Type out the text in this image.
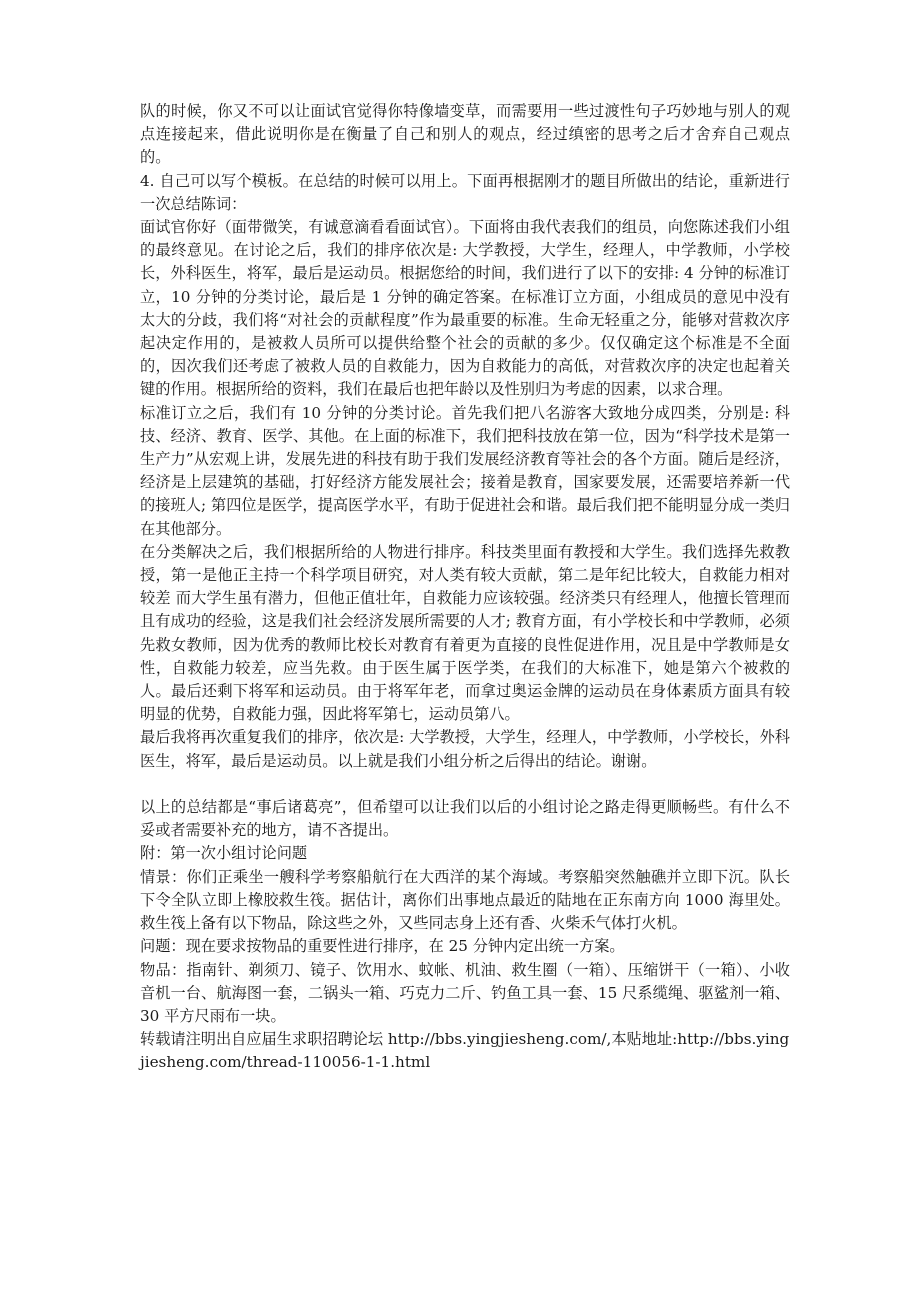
队的时候，你又不可以让面试官觉得你特像墙变草，而需要用一些过渡性句子巧妙地与别人的观点连接起来，借此说明你是在衡量了自己和别人的观点，经过缜密的思考之后才舍弃自己观点的。

4. 自己可以写个模板。在总结的时候可以用上。下面再根据刚才的题目所做出的结论，重新进行一次总结陈词：

面试官你好（面带微笑，有诚意滴看看面试官）。下面将由我代表我们的组员，向您陈述我们小组的最终意见。在讨论之后，我们的排序依次是: 大学教授，大学生，经理人，中学教师，小学校长，外科医生，将军，最后是运动员。根据您给的时间，我们进行了以下的安排: 4 分钟的标准订立，10 分钟的分类讨论，最后是 1 分钟的确定答案。在标准订立方面，小组成员的意见中没有太大的分歧，我们将“对社会的贡献程度”作为最重要的标准。生命无轻重之分，能够对营救次序起决定作用的，是被救人员所可以提供给整个社会的贡献的多少。仅仅确定这个标准是不全面的，因次我们还考虑了被救人员的自救能力，因为自救能力的高低，对营救次序的决定也起着关键的作用。根据所给的资料，我们在最后也把年龄以及性别归为考虑的因素，以求合理。

标准订立之后，我们有 10 分钟的分类讨论。首先我们把八名游客大致地分成四类，分别是: 科技、经济、教育、医学、其他。在上面的标准下，我们把科技放在第一位，因为“科学技术是第一生产力”从宏观上讲，发展先进的科技有助于我们发展经济教育等社会的各个方面。随后是经济，经济是上层建筑的基础，打好经济方能发展社会；接着是教育，国家要发展，还需要培养新一代的接班人; 第四位是医学，提高医学水平，有助于促进社会和谐。最后我们把不能明显分成一类归在其他部分。

在分类解决之后，我们根据所给的人物进行排序。科技类里面有教授和大学生。我们选择先救教授，第一是他正主持一个科学项目研究，对人类有较大贡献，第二是年纪比较大，自救能力相对较差 而大学生虽有潜力，但他正值壮年，自救能力应该较强。经济类只有经理人，他擅长管理而且有成功的经验，这是我们社会经济发展所需要的人才; 教育方面，有小学校长和中学教师，必须先救女教师，因为优秀的教师比校长对教育有着更为直接的良性促进作用，况且是中学教师是女性，自救能力较差，应当先救。由于医生属于医学类，在我们的大标准下，她是第六个被救的人。最后还剩下将军和运动员。由于将军年老，而拿过奥运金牌的运动员在身体素质方面具有较明显的优势，自救能力强，因此将军第七，运动员第八。

最后我将再次重复我们的排序，依次是: 大学教授，大学生，经理人，中学教师，小学校长，外科医生，将军，最后是运动员。以上就是我们小组分析之后得出的结论。谢谢。

以上的总结都是“事后诸葛亮”，但希望可以让我们以后的小组讨论之路走得更顺畅些。有什么不妥或者需要补充的地方，请不吝提出。

附：第一次小组讨论问题

情景：你们正乘坐一艘科学考察船航行在大西洋的某个海域。考察船突然触礁并立即下沉。队长下令全队立即上橡胶救生筏。据估计，离你们出事地点最近的陆地在正东南方向 1000 海里处。救生筏上备有以下物品，除这些之外，又些同志身上还有香、火柴禾气体打火机。

问题：现在要求按物品的重要性进行排序，在 25 分钟内定出统一方案。

物品：指南针、剃须刀、镜子、饮用水、蚊帐、机油、救生圈（一箱）、压缩饼干（一箱）、小收音机一台、航海图一套，二锅头一箱、巧克力二斤、钓鱼工具一套、15 尺系缆绳、驱鲨剂一箱、30 平方尺雨布一块。

转载请注明出自应届生求职招聘论坛 http://bbs.yingjiesheng.com/,本贴地址:http://bbs.yingjiesheng.com/thread-110056-1-1.html
